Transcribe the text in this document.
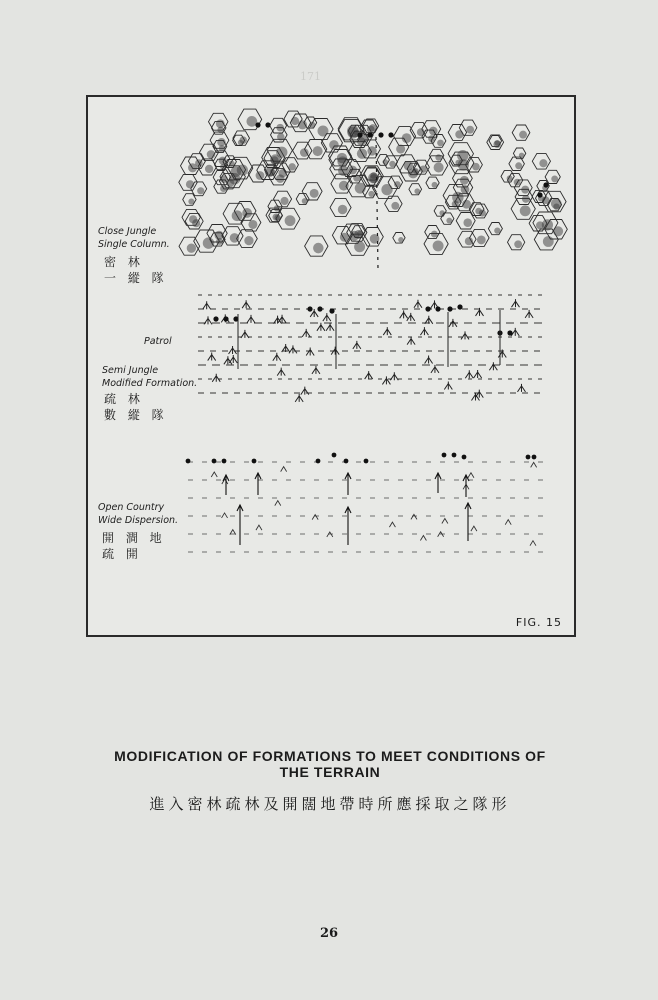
171
Close Jungle
Single Column.
密 林
一 縱 隊
Patrol
Semi Jungle
Modified Formation.
疏 林
數 縱 隊
Open Country
Wide Dispersion.
開 澗 地
疏 開
FIG. 15
MODIFICATION OF FORMATIONS TO MEET CONDITIONS OF
THE TERRAIN
進入密林疏林及開闊地帶時所應採取之隊形
26
